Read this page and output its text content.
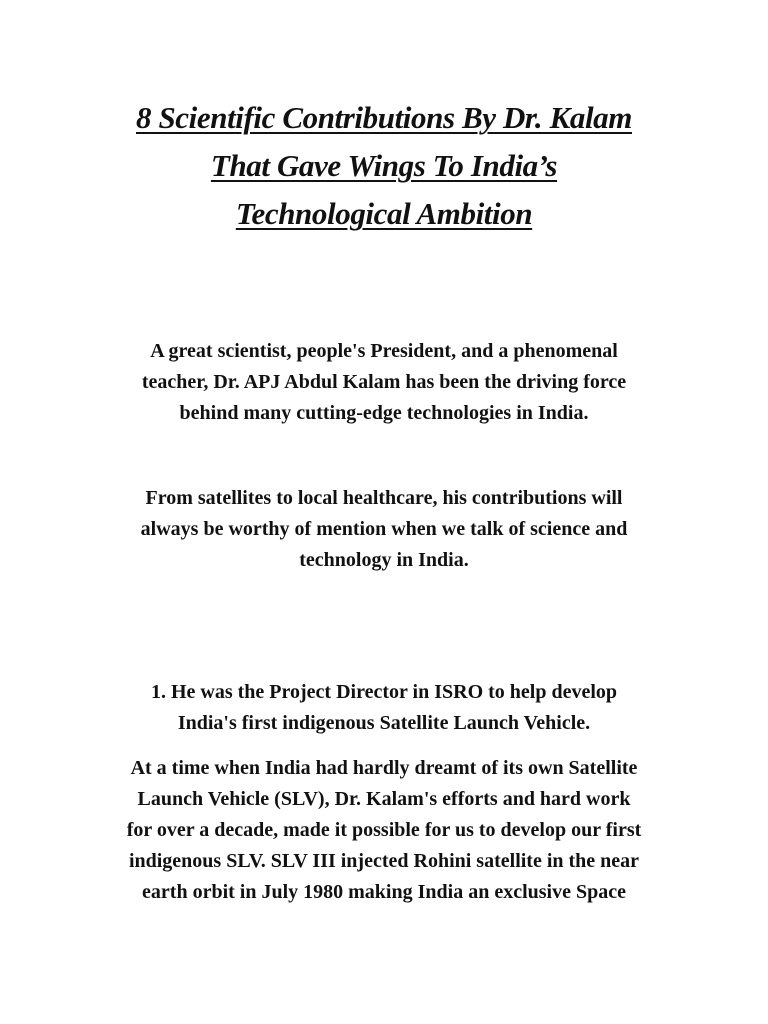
8 Scientific Contributions By Dr. Kalam
That Gave Wings To India’s
Technological Ambition

A great scientist, people's President, and a phenomenal
teacher, Dr. APJ Abdul Kalam has been the driving force
behind many cutting-edge technologies in India.

From satellites to local healthcare, his contributions will
always be worthy of mention when we talk of science and
technology in India.

1. He was the Project Director in ISRO to help develop
India's first indigenous Satellite Launch Vehicle.

At a time when India had hardly dreamt of its own Satellite
Launch Vehicle (SLV), Dr. Kalam's efforts and hard work
for over a decade, made it possible for us to develop our first
indigenous SLV. SLV III injected Rohini satellite in the near
earth orbit in July 1980 making India an exclusive Space
